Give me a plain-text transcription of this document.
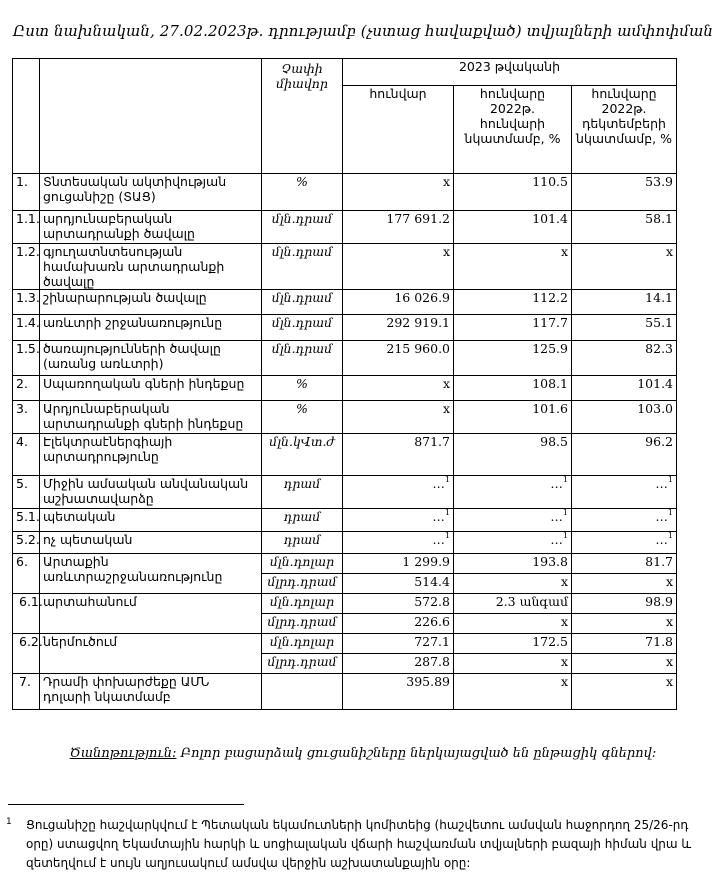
Ըստ նախնական, 27.02.2023թ. դրությամբ (չստաց հավաքված) տվյալների ամփոփման
		Չափի միավոր	2023 թվականի		
			հունվար	հունվարը 2022թ. հունվարի նկատմամբ, %	հունվարը 2022թ. դեկտեմբերի նկատմամբ, %
1.	Տնտեսական ակտիվության ցուցանիշը (ՏԱՑ)	%	x	110.5	53.9
1.1.	արդյունաբերական արտադրանքի ծավալը	մլն.դրամ	177 691.2	101.4	58.1
1.2.	գյուղատնտեսության համախառն արտադրանքի ծավալը	մլն.դրամ	x	x	x
1.3.	շինարարության ծավալը	մլն.դրամ	16 026.9	112.2	14.1
1.4.	առևտրի շրջանառությունը	մլն.դրամ	292 919.1	117.7	55.1
1.5.	ծառայությունների ծավալը (առանց առևտրի)	մլն.դրամ	215 960.0	125.9	82.3
2.	Սպառողական գների ինդեքսը	%	x	108.1	101.4
3.	Արդյունաբերական արտադրանքի գների ինդեքսը	%	x	101.6	103.0
4.	Էլեկտրաէներգիայի արտադրությունը	մլն.կՎտ.ժ	871.7	98.5	96.2
5.	Միջին ամսական անվանական աշխատավարձը	դրամ	…$^1$	…$^1$	…$^1$
5.1.	պետական	դրամ	…$^1$	…$^1$	…$^1$
5.2.	ոչ պետական	դրամ	…$^1$	…$^1$	…$^1$
6.	Արտաքին առևտրաշրջանառությունը	մլն.դոլար	1 299.9	193.8	81.7
		մլրդ.դրամ	514.4	x	x
6.1.	արտահանում	մլն.դոլար	572.8	2.3 անգամ	98.9
		մլրդ.դրամ	226.6	x	x
6.2.	ներմուծում	մլն.դոլար	727.1	172.5	71.8
		մլրդ.դրամ	287.8	x	x
7.	Դրամի փոխարժեքը ԱՄՆ դոլարի նկատմամբ		395.89	x	x
Ծանոթություն: Բոլոր բացարձակ ցուցանիշները ներկայացված են ընթացիկ գներով:
1	Ցուցանիշը հաշվարկվում է Պետական եկամուտների կոմիտեից (հաշվետու ամսվան հաջորդող 25/26-րդ օրը) ստացվող Եկամտային հարկի և սոցիալական վճարի հաշվառման տվյալների բազայի հիման վրա և զետեղվում է սույն աղյուսակում ամսվա վերջին աշխատանքային օրը:
